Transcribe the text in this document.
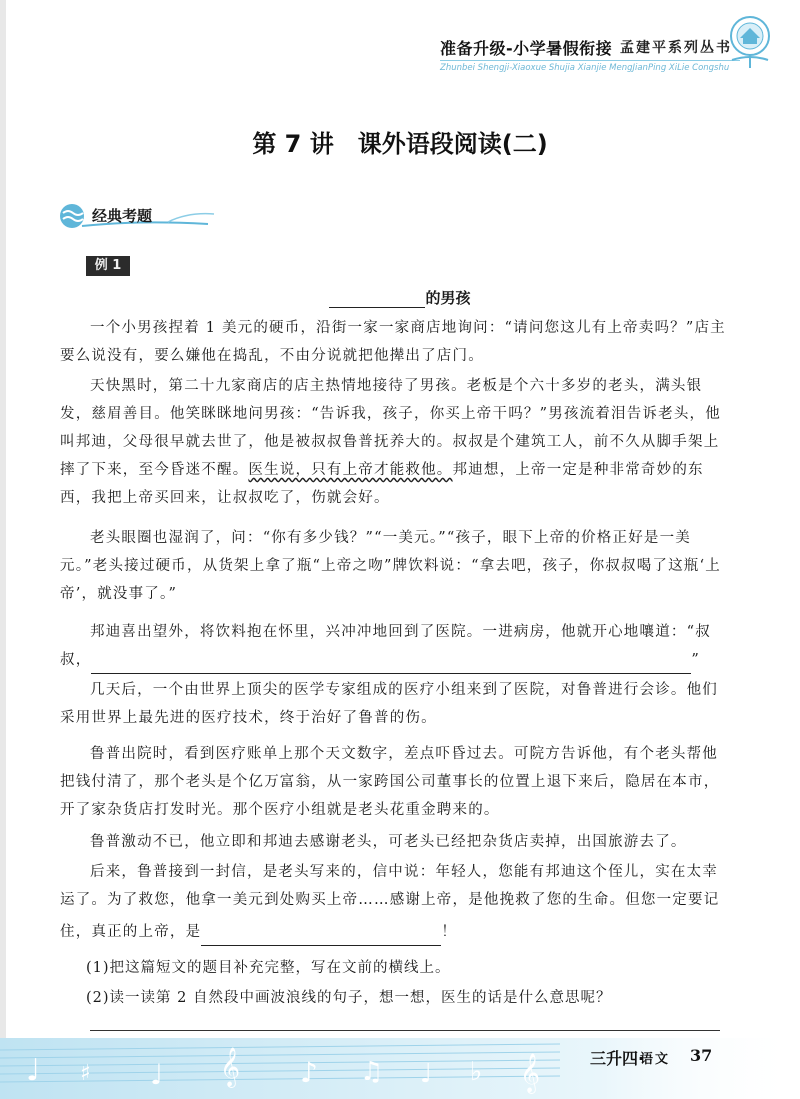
准备升级-小学暑假衔接 孟建平系列丛书
Zhunbei Shengji-Xiaoxue Shujia Xianjie MengJianPing XiLie Congshu
第 7 讲 课外语段阅读(二)
经典考题
例 1
的男孩
一个小男孩捏着 1 美元的硬币，沿街一家一家商店地询问：“请问您这儿有上帝卖吗？”店主要么说没有，要么嫌他在捣乱，不由分说就把他撵出了店门。
天快黑时，第二十九家商店的店主热情地接待了男孩。老板是个六十多岁的老头，满头银发，慈眉善目。他笑眯眯地问男孩：“告诉我，孩子，你买上帝干吗？”男孩流着泪告诉老头，他叫邦迪，父母很早就去世了，他是被叔叔鲁普抚养大的。叔叔是个建筑工人，前不久从脚手架上摔了下来，至今昏迷不醒。医生说，只有上帝才能救他。邦迪想，上帝一定是种非常奇妙的东西，我把上帝买回来，让叔叔吃了，伤就会好。
老头眼圈也湿润了，问：“你有多少钱？”“一美元。”“孩子，眼下上帝的价格正好是一美元。”老头接过硬币，从货架上拿了瓶“上帝之吻”牌饮料说：“拿去吧，孩子，你叔叔喝了这瓶‘上帝’，就没事了。”
邦迪喜出望外，将饮料抱在怀里，兴冲冲地回到了医院。一进病房，他就开心地嚷道：“叔
叔，	”
几天后，一个由世界上顶尖的医学专家组成的医疗小组来到了医院，对鲁普进行会诊。他们采用世界上最先进的医疗技术，终于治好了鲁普的伤。
鲁普出院时，看到医疗账单上那个天文数字，差点吓昏过去。可院方告诉他，有个老头帮他把钱付清了，那个老头是个亿万富翁，从一家跨国公司董事长的位置上退下来后，隐居在本市，开了家杂货店打发时光。那个医疗小组就是老头花重金聘来的。
鲁普激动不已，他立即和邦迪去感谢老头，可老头已经把杂货店卖掉，出国旅游去了。
后来，鲁普接到一封信，是老头写来的，信中说：年轻人，您能有邦迪这个侄儿，实在太幸运了。为了救您，他拿一美元到处购买上帝……感谢上帝，是他挽救了您的生命。但您一定要记
住，真正的上帝，是	！
(1)把这篇短文的题目补充完整，写在文前的横线上。
(2)读一读第 2 自然段中画波浪线的句子，想一想，医生的话是什么意思呢？
♩ ♯ ♩ 𝄞 ♪ ♫ ♩ ♭ 𝄞	三升四·
语文 37
